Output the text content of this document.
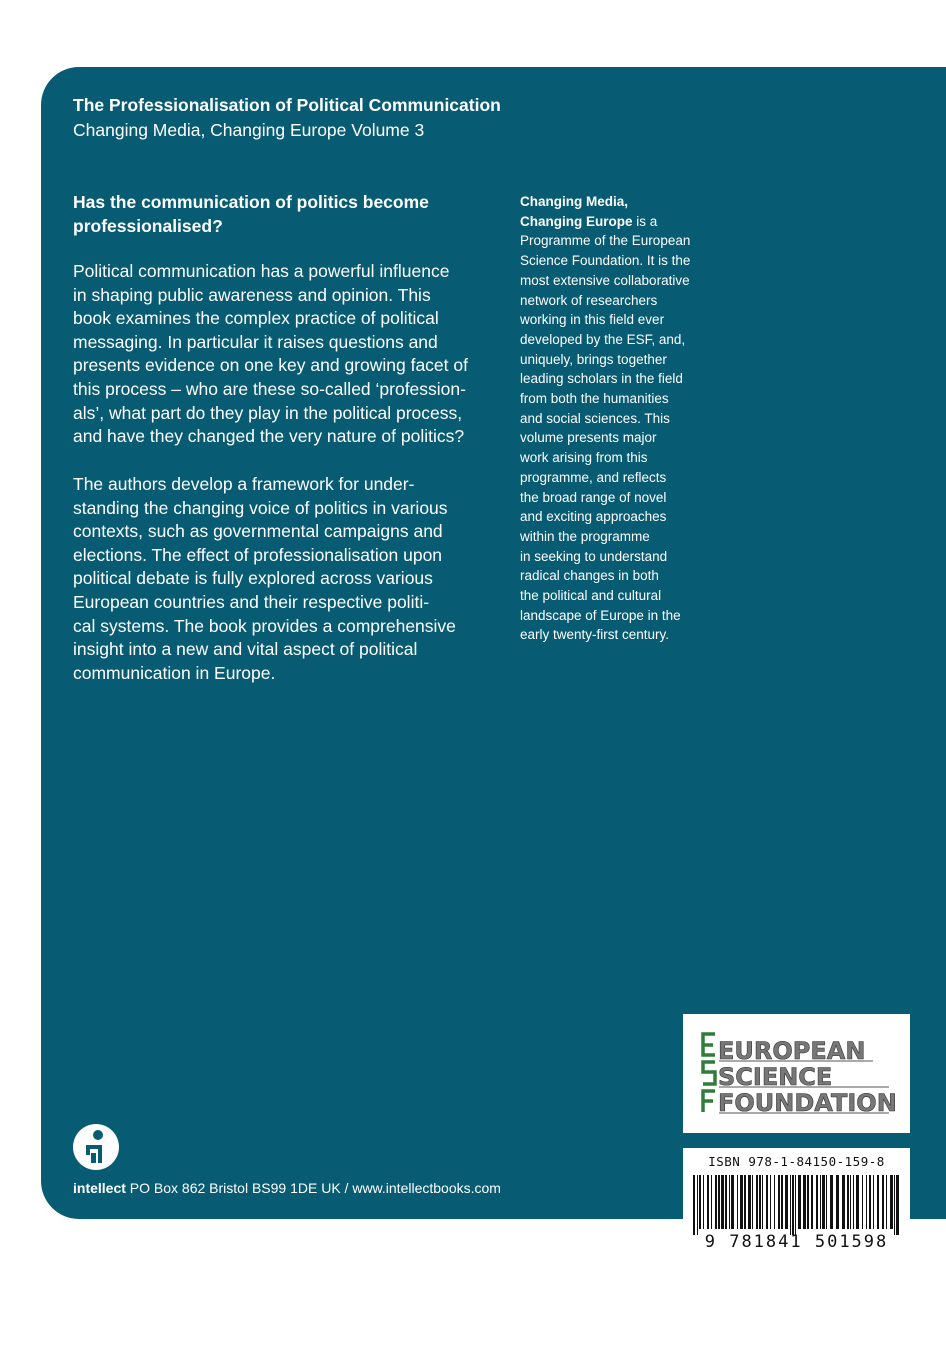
The Professionalisation of Political Communication
Changing Media, Changing Europe Volume 3

Has the communication of politics become professionalised?

Political communication has a powerful influence
in shaping public awareness and opinion. This
book examines the complex practice of political
messaging. In particular it raises questions and
presents evidence on one key and growing facet of
this process – who are these so-called ‘profession-
als’, what part do they play in the political process,
and have they changed the very nature of politics?

The authors develop a framework for under-
standing the changing voice of politics in various
contexts, such as governmental campaigns and
elections. The effect of professionalisation upon
political debate is fully explored across various
European countries and their respective politi-
cal systems. The book provides a comprehensive
insight into a new and vital aspect of political
communication in Europe.

Changing Media,
Changing Europe is a
Programme of the European
Science Foundation. It is the
most extensive collaborative
network of researchers
working in this field ever
developed by the ESF, and,
uniquely, brings together
leading scholars in the field
from both the humanities
and social sciences. This
volume presents major
work arising from this
programme, and reflects
the broad range of novel
and exciting approaches
within the programme
in seeking to understand
radical changes in both
the political and cultural
landscape of Europe in the
early twenty-first century.

EUROPEAN
SCIENCE
FOUNDATION
ISBN 978-1-84150-159-8
9 781841 501598
intellect PO Box 862 Bristol BS99 1DE UK / www.intellectbooks.com
